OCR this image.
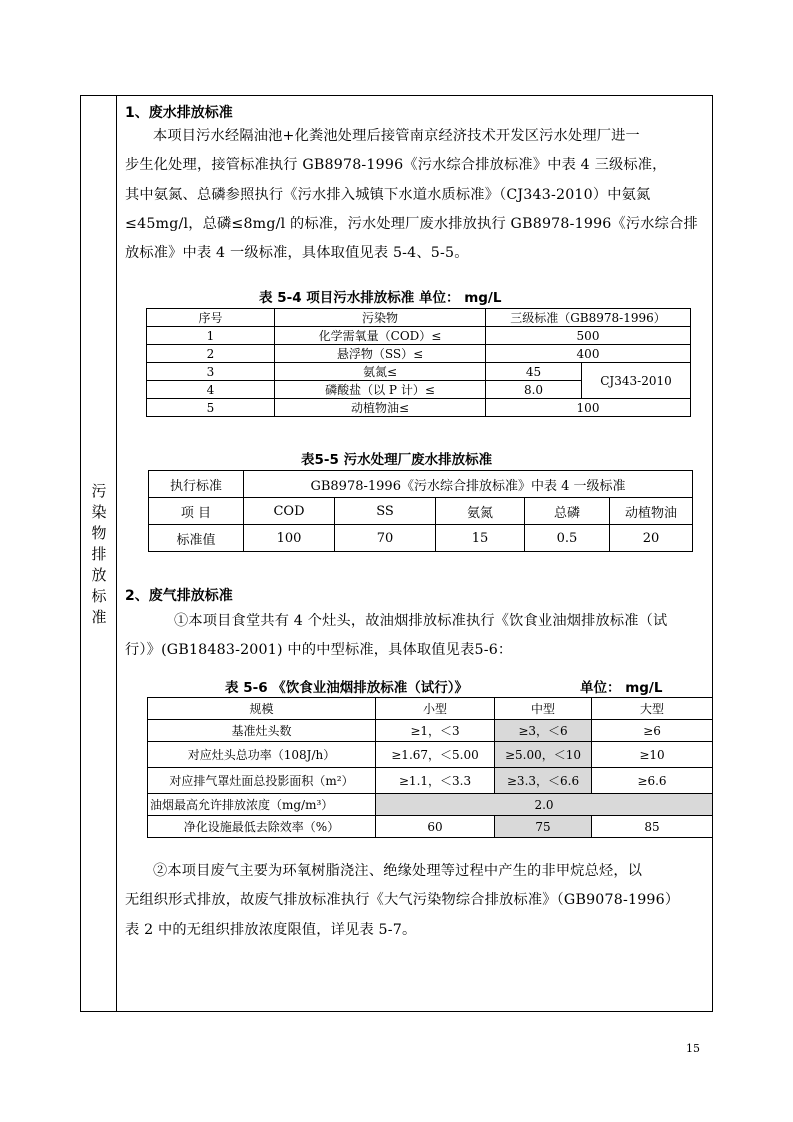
污
染
物
排
放
标
准
1、废水排放标准
本项目污水经隔油池+化粪池处理后接管南京经济技术开发区污水处理厂进一
步生化处理，接管标准执行 GB8978-1996《污水综合排放标准》中表 4 三级标准，
其中氨氮、总磷参照执行《污水排入城镇下水道水质标准》（CJ343-2010）中氨氮
≤45mg/l，总磷≤8mg/l 的标准，污水处理厂废水排放执行 GB8978-1996《污水综合排
放标准》中表 4 一级标准，具体取值见表 5-4、5-5。
表 5-4 项目污水排放标准 单位： mg/L
序号	污染物	三级标准（GB8978-1996）	
1	化学需氧量（COD）≤	500	
2	悬浮物（SS）≤	400	
3	氨氮≤	45	CJ343-2010
4	磷酸盐（以 P 计）≤	8.0	
5	动植物油≤	100	
表5-5 污水处理厂废水排放标准
执行标准	GB8978-1996《污水综合排放标准》中表 4 一级标准				
项 目	COD	SS	氨氮	总磷	动植物油
标准值	100	70	15	0.5	20
2、废气排放标准
①本项目食堂共有 4 个灶头，故油烟排放标准执行《饮食业油烟排放标准（试
行）》(GB18483-2001) 中的中型标准，具体取值见表5-6：
表 5-6 《饮食业油烟排放标准（试行）》	单位： mg/L
规模	小型	中型	大型
基准灶头数	≥1，＜3	≥3，＜6	≥6
对应灶头总功率（108J/h）	≥1.67，＜5.00	≥5.00，＜10	≥10
对应排气罩灶面总投影面积（m²）	≥1.1，＜3.3	≥3.3，＜6.6	≥6.6
油烟最高允许排放浓度（mg/m³）	2.0		
净化设施最低去除效率（%）	60	75	85
②本项目废气主要为环氧树脂浇注、绝缘处理等过程中产生的非甲烷总烃，以
无组织形式排放，故废气排放标准执行《大气污染物综合排放标准》（GB9078-1996）
表 2 中的无组织排放浓度限值，详见表 5-7。
15
